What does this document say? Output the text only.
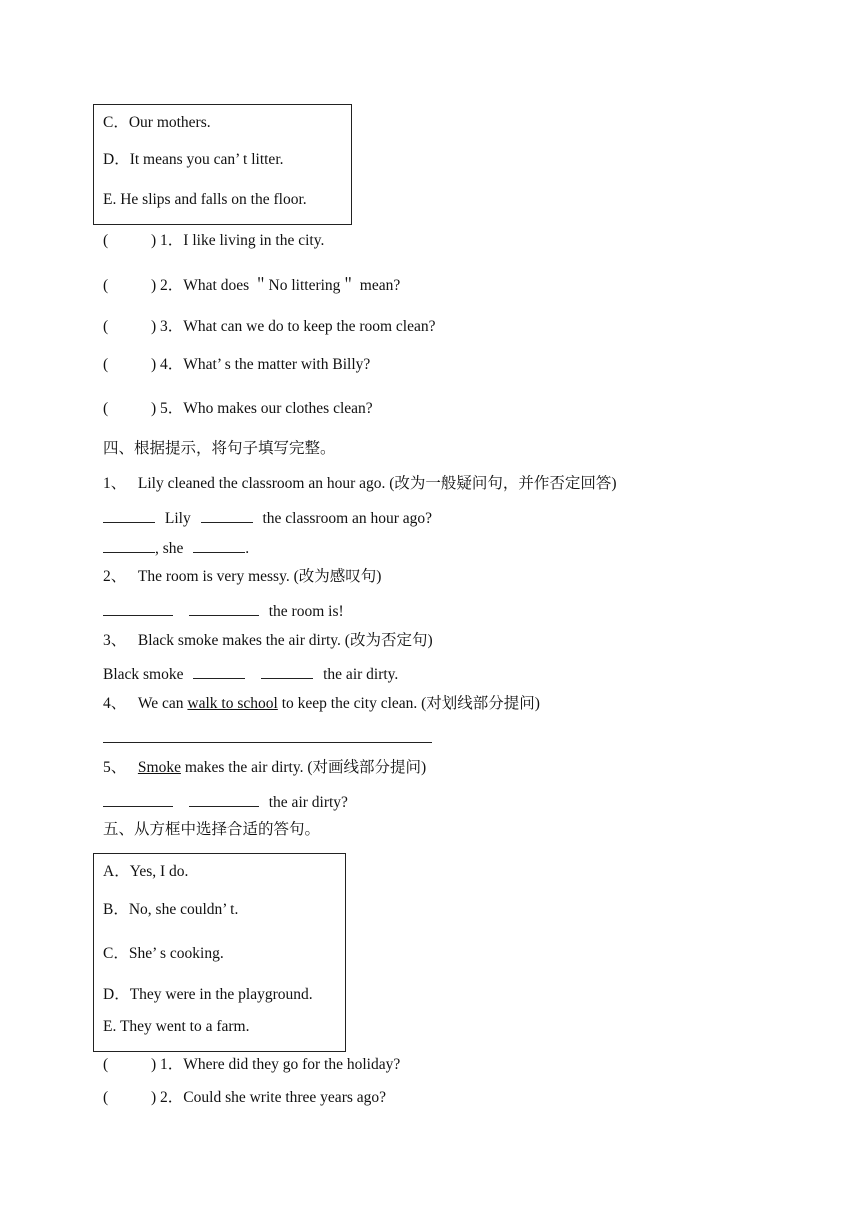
C．Our mothers.
D．It means you can’ t litter.
E. He slips and falls on the floor.
(	) 1．I like living in the city.
(	) 2．What does ＂No littering＂ mean?
(	) 3．What can we do to keep the room clean?
(	) 4．What’ s the matter with Billy?
(	) 5．Who makes our clothes clean?
四、根据提示，将句子填写完整。
1、 Lily cleaned the classroom an hour ago. (改为一般疑问句，并作否定回答)
Lily	the classroom an hour ago?
, she	.
2、 The room is very messy. (改为感叹句)
the room is!
3、 Black smoke makes the air dirty. (改为否定句)
Black smoke	the air dirty.
4、 We can walk to school to keep the city clean. (对划线部分提问)
5、 Smoke makes the air dirty. (对画线部分提问)
the air dirty?
五、从方框中选择合适的答句。
A．Yes, I do.
B．No, she couldn’ t.
C．She’ s cooking.
D．They were in the playground.
E. They went to a farm.
(	) 1．Where did they go for the holiday?
(	) 2．Could she write three years ago?
